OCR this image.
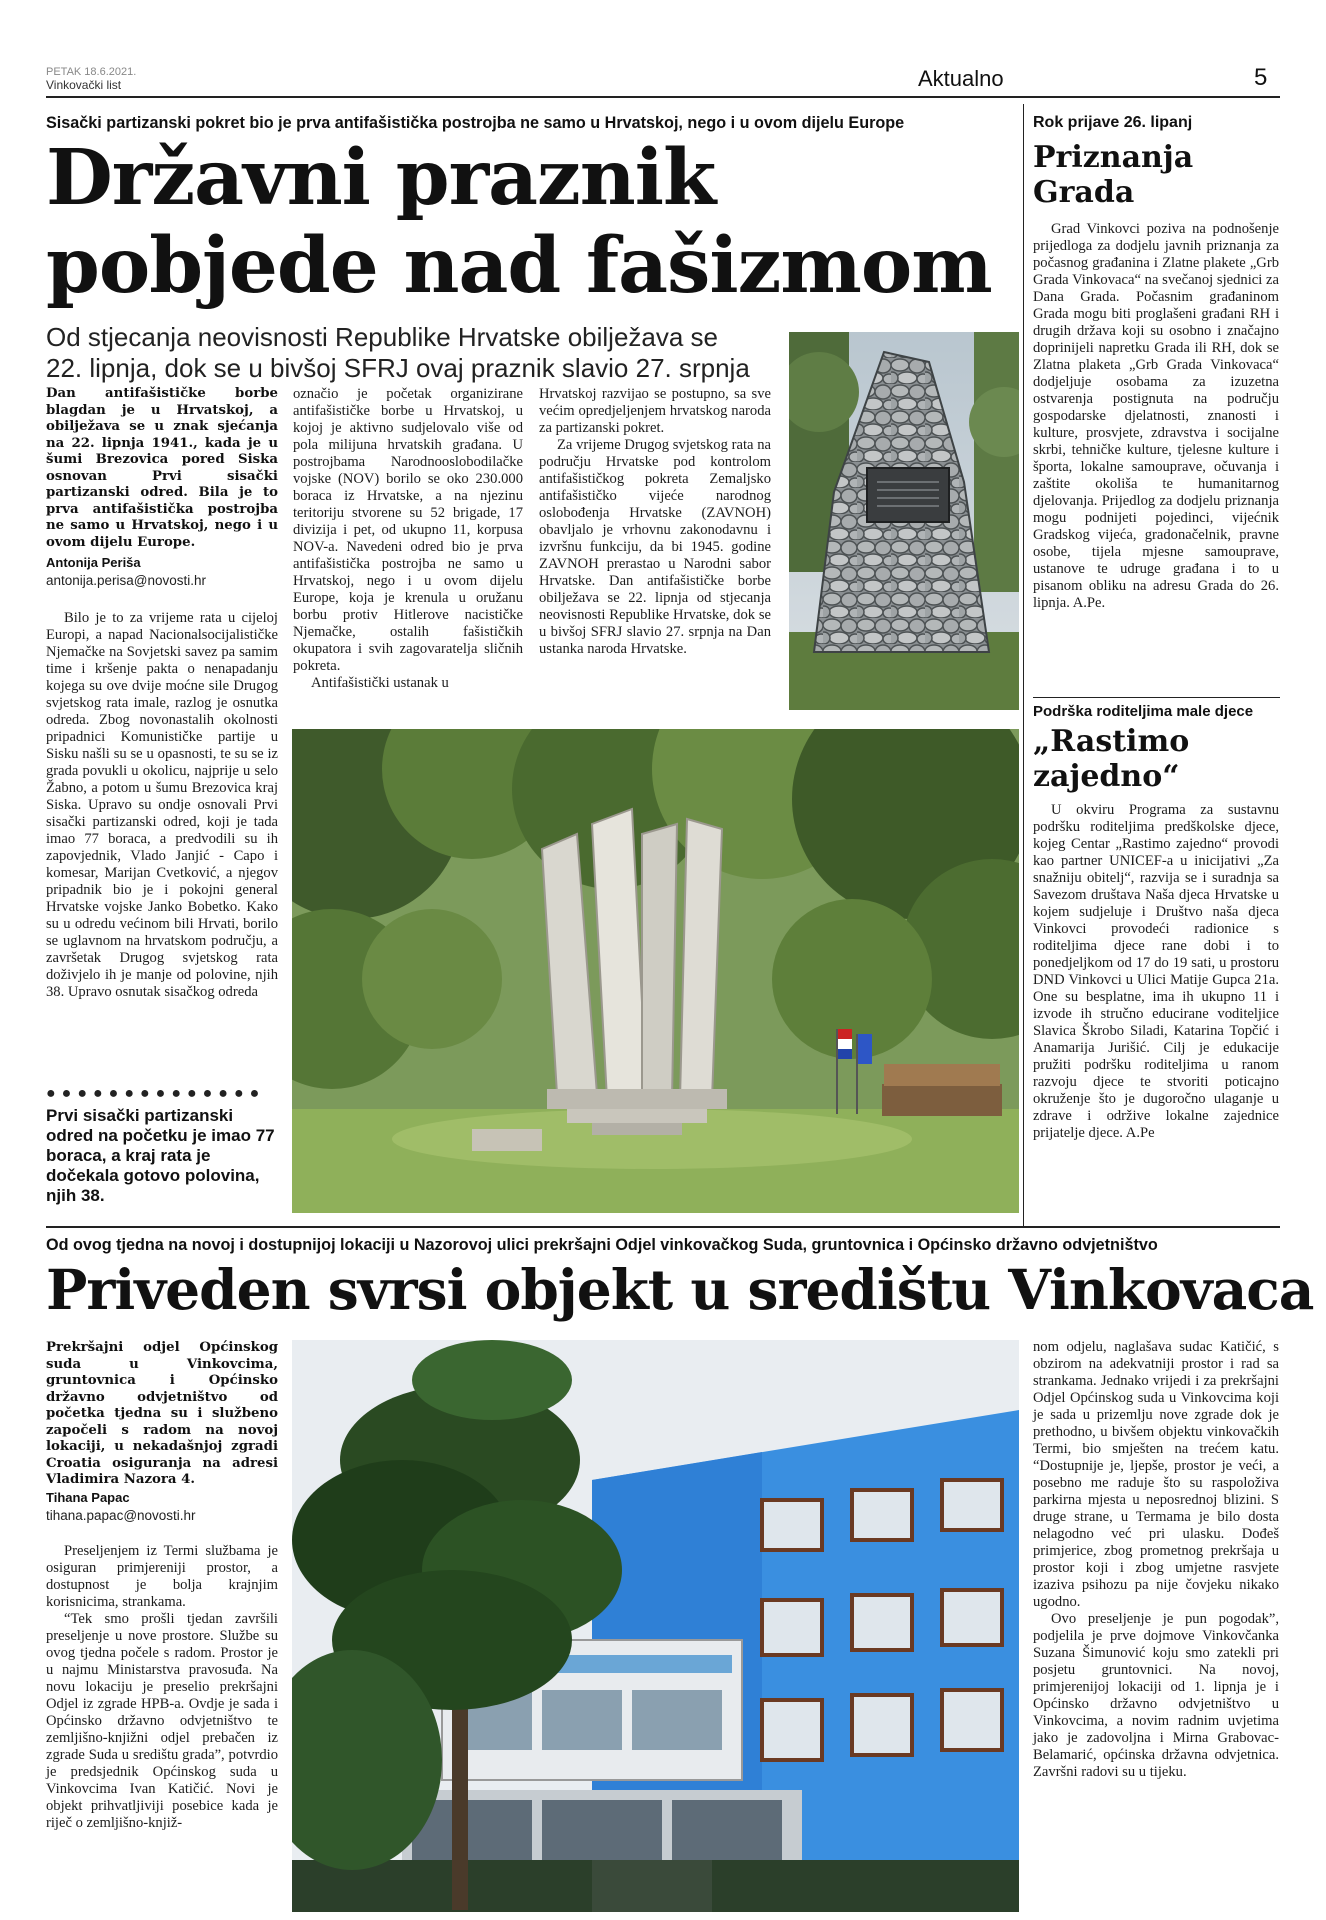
PETAK 18.6.2021.
Vinkovački list	Aktualno	5
Sisački partizanski pokret bio je prva antifašistička postrojba ne samo u Hrvatskoj, nego i u ovom dijelu Europe
Državni praznik
pobjede nad fašizmom
Od stjecanja neovisnosti Republike Hrvatske obilježava se
22. lipnja, dok se u bivšoj SFRJ ovaj praznik slavio 27. srpnja
Dan antifašističke borbe blagdan je u Hrvatskoj, a obilježava se u znak sjećanja na 22. lipnja 1941., kada je u šumi Brezovica pored Siska osnovan Prvi sisački partizanski odred. Bila je to prva antifašistička postrojba ne samo u Hrvatskoj, nego i u ovom dijelu Europe.
Antonija Periša
antonija.perisa@novosti.hr

Bilo je to za vrijeme rata u cijeloj Europi, a napad Nacionalsocijalističke Njemačke na Sovjetski savez pa samim time i kršenje pakta o nenapadanju kojega su ove dvije moćne sile Drugog svjetskog rata imale, razlog je osnutka odreda. Zbog novonastalih okolnosti pripadnici Komunističke partije u Sisku našli su se u opasnosti, te su se iz grada povukli u okolicu, najprije u selo Žabno, a potom u šumu Brezovica kraj Siska. Upravo su ondje osnovali Prvi sisački partizanski odred, koji je tada imao 77 boraca, a predvodili su ih zapovjednik, Vlado Janjić - Capo i komesar, Marijan Cvetković, a njegov pripadnik bio je i pokojni general Hrvatske vojske Janko Bobetko. Kako su u odredu većinom bili Hrvati, borilo se uglavnom na hrvatskom području, a završetak Drugog svjetskog rata doživjelo ih je manje od polovine, njih 38. Upravo osnutak sisačkog odreda

●●●●●●●●●●●●●●
Prvi sisački partizanski odred na početku je imao 77 boraca, a kraj rata je dočekala gotovo polovina, njih 38.

označio je početak organizirane antifašističke borbe u Hrvatskoj, u kojoj je aktivno sudjelovalo više od pola milijuna hrvatskih građana. U postrojbama Narodnooslobodilačke vojske (NOV) borilo se oko 230.000 boraca iz Hrvatske, a na njezinu teritoriju stvorene su 52 brigade, 17 divizija i pet, od ukupno 11, korpusa NOV-a. Navedeni odred bio je prva antifašistička postrojba ne samo u Hrvatskoj, nego i u ovom dijelu Europe, koja je krenula u oružanu borbu protiv Hitlerove nacističke Njemačke, ostalih fašističkih okupatora i svih zagovaratelja sličnih pokreta.

Antifašistički ustanak u

Hrvatskoj razvijao se postupno, sa sve većim opredjeljenjem hrvatskog naroda za partizanski pokret.

Za vrijeme Drugog svjetskog rata na području Hrvatske pod kontrolom antifašističkog pokreta Zemaljsko antifašističko vijeće narodnog oslobođenja Hrvatske (ZAVNOH) obavljalo je vrhovnu zakonodavnu i izvršnu funkciju, da bi 1945. godine ZAVNOH prerastao u Narodni sabor Hrvatske. Dan antifašističke borbe obilježava se 22. lipnja od stjecanja neovisnosti Republike Hrvatske, dok se u bivšoj SFRJ slavio 27. srpnja na Dan ustanka naroda Hrvatske.

Rok prijave 26. lipanj
Priznanja
Grada

Grad Vinkovci poziva na podnošenje prijedloga za dodjelu javnih priznanja za počasnog građanina i Zlatne plakete „Grb Grada Vinkovaca“ na svečanoj sjednici za Dana Grada. Počasnim građaninom Grada mogu biti proglašeni građani RH i drugih država koji su osobno i značajno doprinijeli napretku Grada ili RH, dok se Zlatna plaketa „Grb Grada Vinkovaca“ dodjeljuje osobama za izuzetna ostvarenja postignuta na području gospodarske djelatnosti, znanosti i kulture, prosvjete, zdravstva i socijalne skrbi, tehničke kulture, tjelesne kulture i športa, lokalne samouprave, očuvanja i zaštite okoliša te humanitarnog djelovanja. Prijedlog za dodjelu priznanja mogu podnijeti pojedinci, vijećnik Gradskog vijeća, gradonačelnik, pravne osobe, tijela mjesne samouprave, ustanove te udruge građana i to u pisanom obliku na adresu Grada do 26. lipnja. A.Pe.

Podrška roditeljima male djece
„Rastimo
zajedno“

U okviru Programa za sustavnu podršku roditeljima predškolske djece, kojeg Centar „Rastimo zajedno“ provodi kao partner UNICEF-a u inicijativi „Za snažniju obitelj“, razvija se i suradnja sa Savezom društava Naša djeca Hrvatske u kojem sudjeluje i Društvo naša djeca Vinkovci provodeći radionice s roditeljima djece rane dobi i to ponedjeljkom od 17 do 19 sati, u prostoru DND Vinkovci u Ulici Matije Gupca 21a. One su besplatne, ima ih ukupno 11 i izvode ih stručno educirane voditeljice Slavica Škrobo Siladi, Katarina Topčić i Anamarija Jurišić. Cilj je edukacije pružiti podršku roditeljima u ranom razvoju djece te stvoriti poticajno okruženje što je dugoročno ulaganje u zdrave i održive lokalne zajednice prijatelje djece. A.Pe

Od ovog tjedna na novoj i dostupnijoj lokaciji u Nazorovoj ulici prekršajni Odjel vinkovačkog Suda, gruntovnica i Općinsko državno odvjetništvo
Priveden svrsi objekt u središtu Vinkovaca
Prekršajni odjel Općinskog suda u Vinkovcima, gruntovnica i Općinsko državno odvjetništvo od početka tjedna su i službeno započeli s radom na novoj lokaciji, u nekadašnjoj zgradi Croatia osiguranja na adresi Vladimira Nazora 4.
Tihana Papac
tihana.papac@novosti.hr

Preseljenjem iz Termi službama je osiguran primjereniji prostor, a dostupnost je bolja krajnjim korisnicima, strankama.

“Tek smo prošli tjedan završili preseljenje u nove prostore. Službe su ovog tjedna počele s radom. Prostor je u najmu Ministarstva pravosuđa. Na novu lokaciju je preselio prekršajni Odjel iz zgrade HPB-a. Ovdje je sada i Općinsko državno odvjetništvo te zemljišno-knjižni odjel prebačen iz zgrade Suda u središtu grada”, potvrdio je predsjednik Općinskog suda u Vinkovcima Ivan Katičić. Novi je objekt prihvatljiviji posebice kada je riječ o zemljišno-knjiž-

nom odjelu, naglašava sudac Katičić, s obzirom na adekvatniji prostor i rad sa strankama. Jednako vrijedi i za prekršajni Odjel Općinskog suda u Vinkovcima koji je sada u prizemlju nove zgrade dok je prethodno, u bivšem objektu vinkovačkih Termi, bio smješten na trećem katu. “Dostupnije je, ljepše, prostor je veći, a posebno me raduje što su raspoloživa parkirna mjesta u neposrednoj blizini. S druge strane, u Termama je bilo dosta nelagodno već pri ulasku. Dođeš primjerice, zbog prometnog prekršaja u prostor koji i zbog umjetne rasvjete izaziva psihozu pa nije čovjeku nikako ugodno.

Ovo preseljenje je pun pogodak”, podjelila je prve dojmove Vinkovčanka Suzana Šimunović koju smo zatekli pri posjetu gruntovnici. Na novoj, primjerenijoj lokaciji od 1. lipnja je i Općinsko državno odvjetništvo u Vinkovcima, a novim radnim uvjetima jako je zadovoljna i Mirna Grabovac-Belamarić, općinska državna odvjetnica. Završni radovi su u tijeku.
